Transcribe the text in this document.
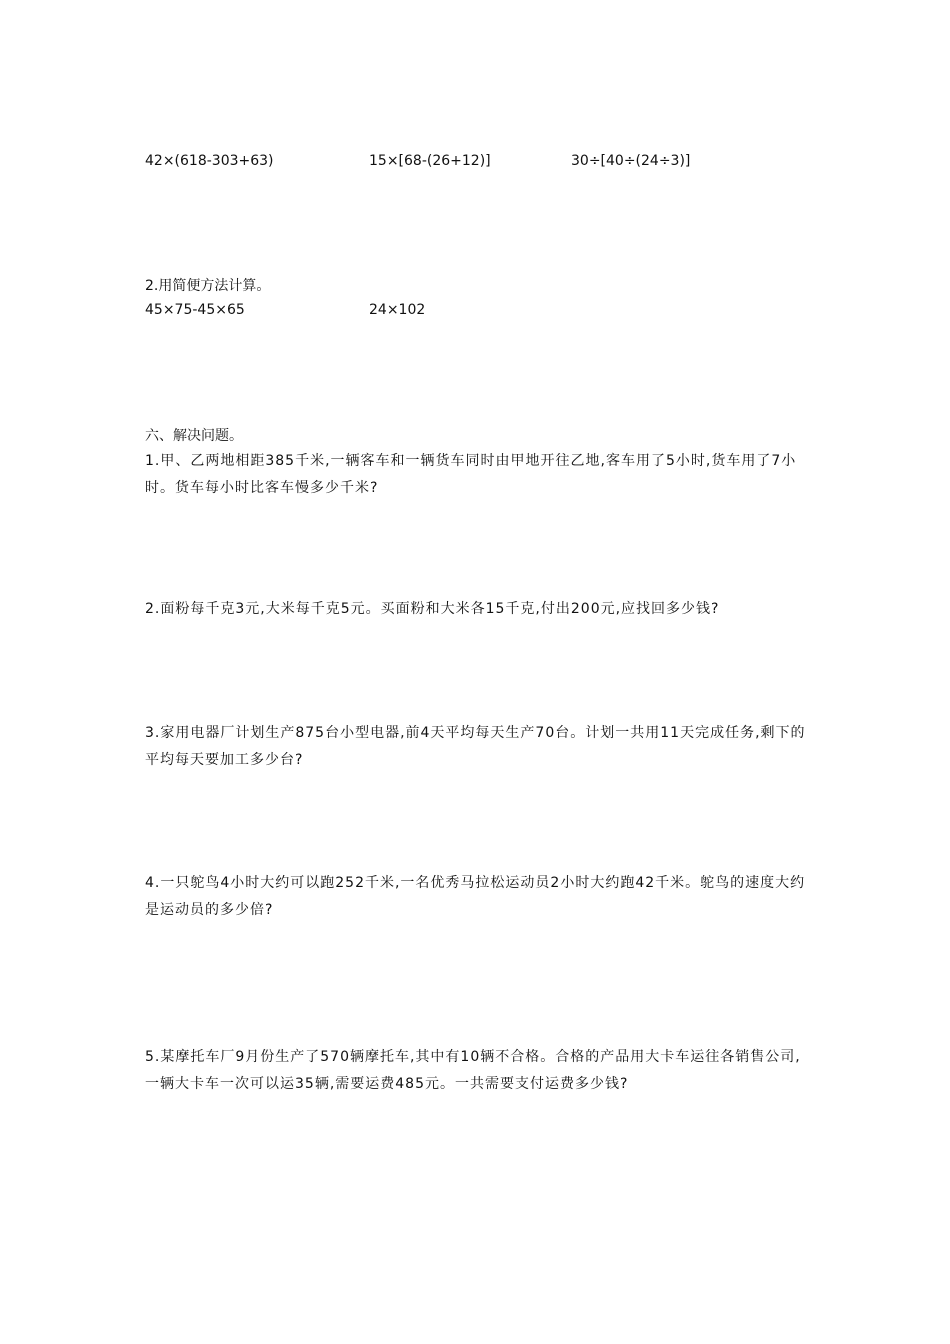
42×(618-303+63)	15×[68-(26+12)]	30÷[40÷(24÷3)]
2.用简便方法计算。
45×75-45×65	24×102
六、解决问题。
1.甲、乙两地相距385千米,一辆客车和一辆货车同时由甲地开往乙地,客车用了5小时,货车用了7小时。货车每小时比客车慢多少千米?
2.面粉每千克3元,大米每千克5元。买面粉和大米各15千克,付出200元,应找回多少钱?
3.家用电器厂计划生产875台小型电器,前4天平均每天生产70台。计划一共用11天完成任务,剩下的平均每天要加工多少台?
4.一只鸵鸟4小时大约可以跑252千米,一名优秀马拉松运动员2小时大约跑42千米。鸵鸟的速度大约是运动员的多少倍?
5.某摩托车厂9月份生产了570辆摩托车,其中有10辆不合格。合格的产品用大卡车运往各销售公司,一辆大卡车一次可以运35辆,需要运费485元。一共需要支付运费多少钱?
